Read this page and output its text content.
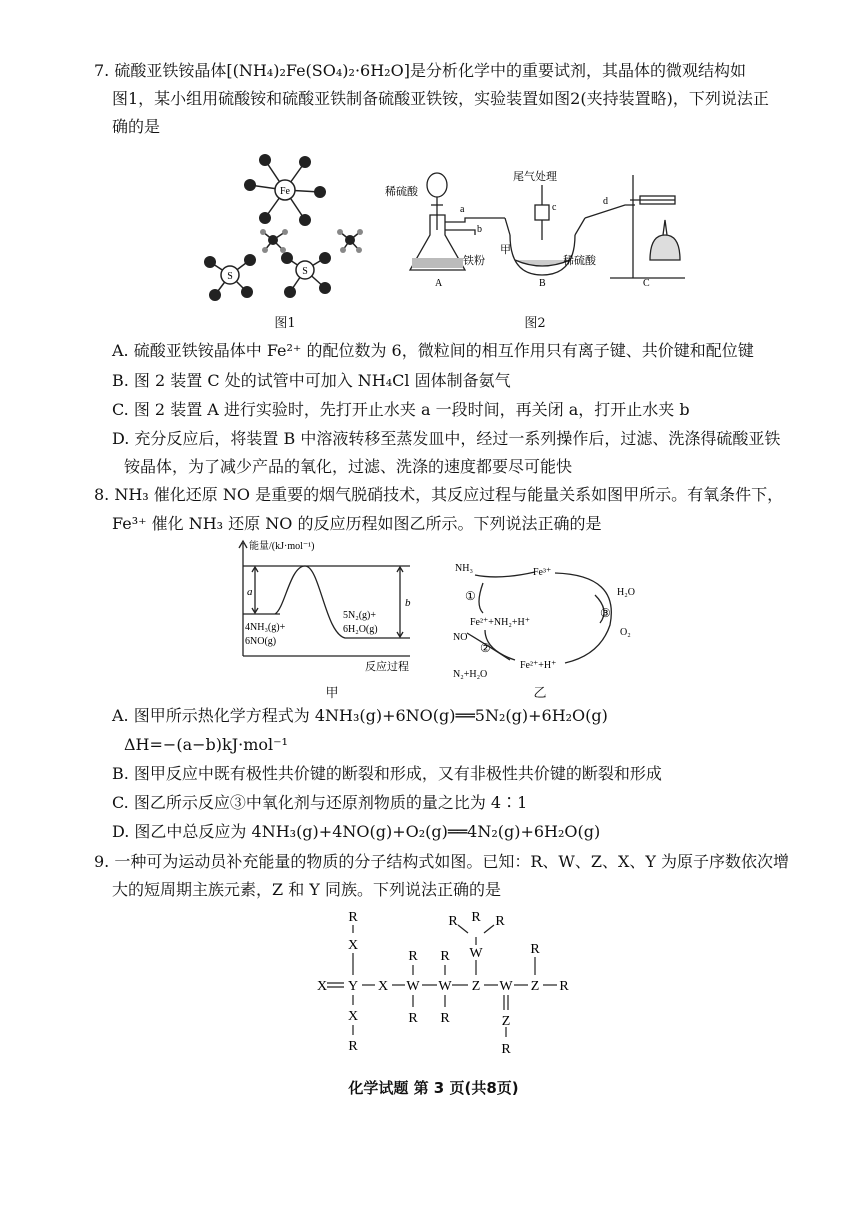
7. 硫酸亚铁铵晶体[(NH₄)₂Fe(SO₄)₂·6H₂O]是分析化学中的重要试剂，其晶体的微观结构如
图1，某小组用硫酸铵和硫酸亚铁制备硫酸亚铁铵，实验装置如图2(夹持装置略)，下列说法正
确的是
Fe
S	S
图1
稀硫酸
尾气处理
a
b
c
d
甲
铁粉	稀硫酸
A	B	C
图2
A. 硫酸亚铁铵晶体中 Fe²⁺ 的配位数为 6，微粒间的相互作用只有离子键、共价键和配位键
B. 图 2 装置 C 处的试管中可加入 NH₄Cl 固体制备氨气
C. 图 2 装置 A 进行实验时，先打开止水夹 a 一段时间，再关闭 a，打开止水夹 b
D. 充分反应后，将装置 B 中溶液转移至蒸发皿中，经过一系列操作后，过滤、洗涤得硫酸亚铁
铵晶体，为了减少产品的氧化，过滤、洗涤的速度都要尽可能快
8. NH₃ 催化还原 NO 是重要的烟气脱硝技术，其反应过程与能量关系如图甲所示。有氧条件下，
Fe³⁺ 催化 NH₃ 还原 NO 的反应历程如图乙所示。下列说法正确的是
能量/(kJ·mol⁻¹)
a
b
4NH₃(g)+
6NO(g)
5N₂(g)+
6H₂O(g)
反应过程
甲
NH₃	Fe³⁺
H₂O
O₂
①
②
③
Fe²⁺+NH₂+H⁺
NO
N₂+H₂O
Fe²⁺+H⁺
乙
A. 图甲所示热化学方程式为 4NH₃(g)+6NO(g)══5N₂(g)+6H₂O(g)
ΔH=−(a−b)kJ·mol⁻¹
B. 图甲反应中既有极性共价键的断裂和形成，又有非极性共价键的断裂和形成
C. 图乙所示反应③中氧化剂与还原剂物质的量之比为 4∶1
D. 图乙中总反应为 4NH₃(g)+4NO(g)+O₂(g)══4N₂(g)+6H₂O(g)
9. 一种可为运动员补充能量的物质的分子结构式如图。已知：R、W、Z、X、Y 为原子序数依次增
大的短周期主族元素，Z 和 Y 同族。下列说法正确的是
R
X
X Y X W W Z W Z R
X
R
R
R
R
R
W
R R R
Z
R
R
化学试题 第 3 页(共8页)
